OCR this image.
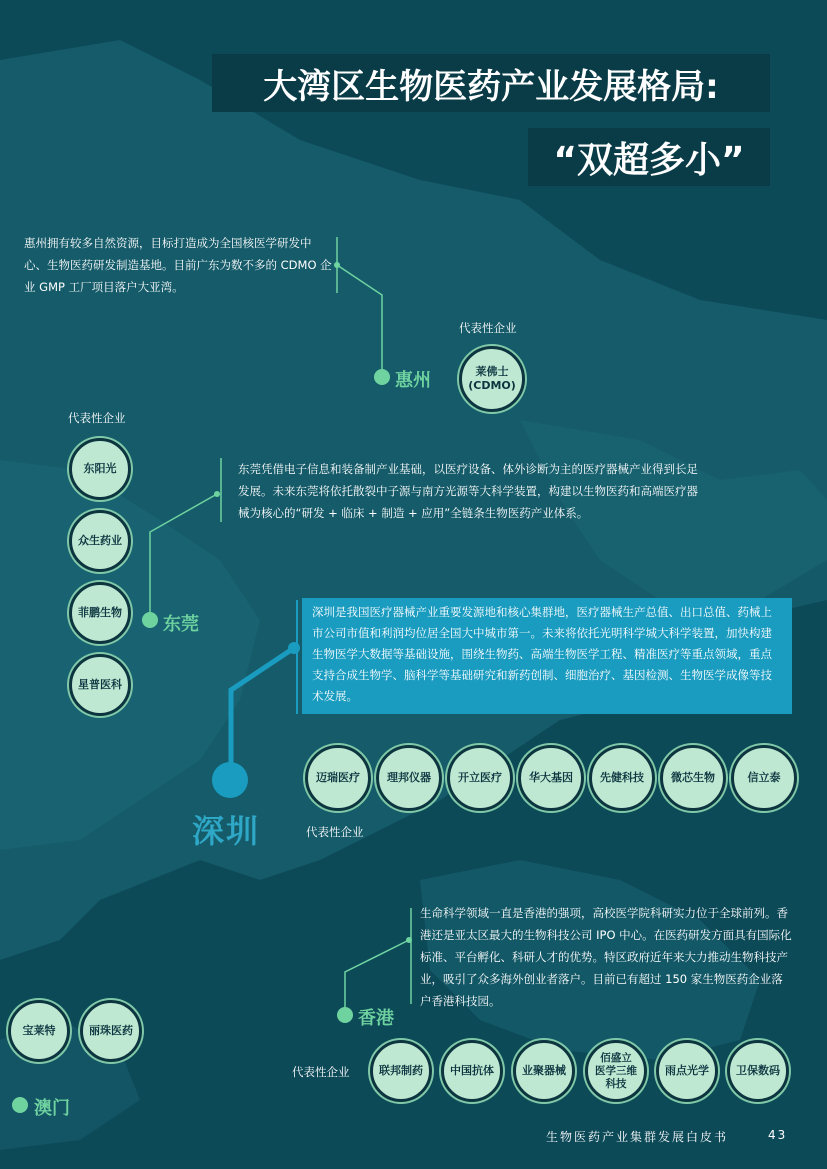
大湾区生物医药产业发展格局:
“双超多小”
惠州拥有较多自然资源，目标打造成为全国核医学研发中心、生物医药研发制造基地。目前广东为数不多的 CDMO 企业 GMP 工厂项目落户大亚湾。
代表性企业
莱佛士
(CDMO)
惠州
代表性企业
东阳光
众生药业
菲鹏生物
星普医科
东莞凭借电子信息和装备制产业基础，以医疗设备、体外诊断为主的医疗器械产业得到长足发展。未来东莞将依托散裂中子源与南方光源等大科学装置，构建以生物医药和高端医疗器械为核心的“研发 + 临床 + 制造 + 应用”全链条生物医药产业体系。
东莞
深圳是我国医疗器械产业重要发源地和核心集群地，医疗器械生产总值、出口总值、药械上市公司市值和利润均位居全国大中城市第一。未来将依托光明科学城大科学装置，加快构建生物医学大数据等基础设施，围绕生物药、高端生物医学工程、精准医疗等重点领域，重点支持合成生物学、脑科学等基础研究和新药创制、细胞治疗、基因检测、生物医学成像等技术发展。
迈瑞医疗	理邦仪器	开立医疗	华大基因	先健科技	微芯生物	信立泰
深圳	代表性企业
生命科学领域一直是香港的强项，高校医学院科研实力位于全球前列。香港还是亚太区最大的生物科技公司 IPO 中心。在医药研发方面具有国际化标准、平台孵化、科研人才的优势。特区政府近年来大力推动生物科技产业，吸引了众多海外创业者落户。目前已有超过 150 家生物医药企业落户香港科技园。
香港
代表性企业	联邦制药	中国抗体	业聚器械
佰盛立
医学三维
科技
雨点光学	卫保数码
宝莱特	丽珠医药
澳门
生物医药产业集群发展白皮书	43
